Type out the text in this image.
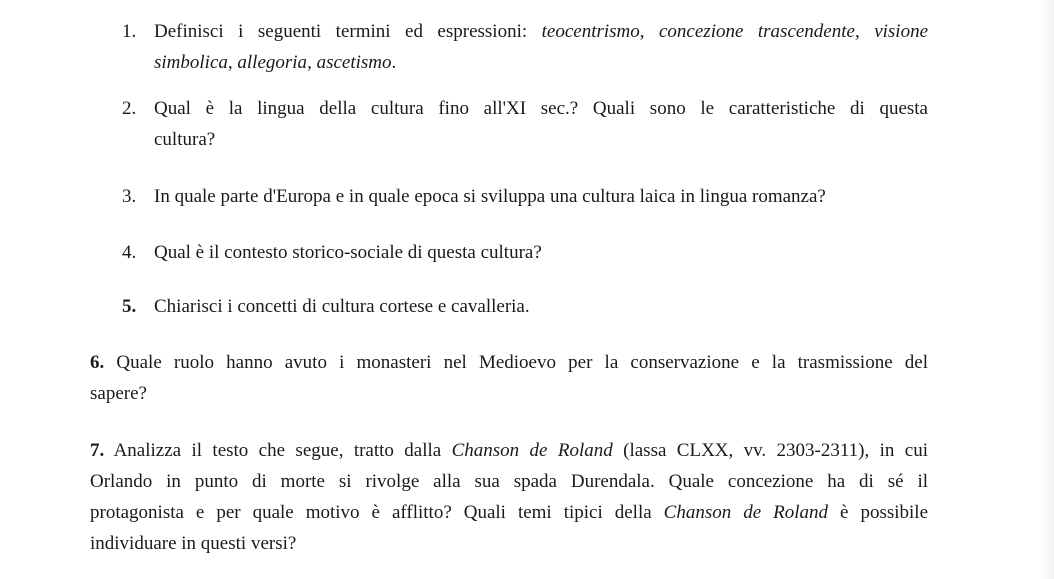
1. Definisci i seguenti termini ed espressioni: teocentrismo, concezione trascendente, visione

simbolica, allegoria, ascetismo.

2. Qual è la lingua della cultura fino all'XI sec.? Quali sono le caratteristiche di questa

cultura?

3. In quale parte d'Europa e in quale epoca si sviluppa una cultura laica in lingua romanza?

4. Qual è il contesto storico-sociale di questa cultura?

5. Chiarisci i concetti di cultura cortese e cavalleria.

6. Quale ruolo hanno avuto i monasteri nel Medioevo per la conservazione e la trasmissione del

sapere?

7. Analizza il testo che segue, tratto dalla Chanson de Roland (lassa CLXX, vv. 2303-2311), in cui

Orlando in punto di morte si rivolge alla sua spada Durendala. Quale concezione ha di sé il

protagonista e per quale motivo è afflitto? Quali temi tipici della Chanson de Roland è possibile

individuare in questi versi?
